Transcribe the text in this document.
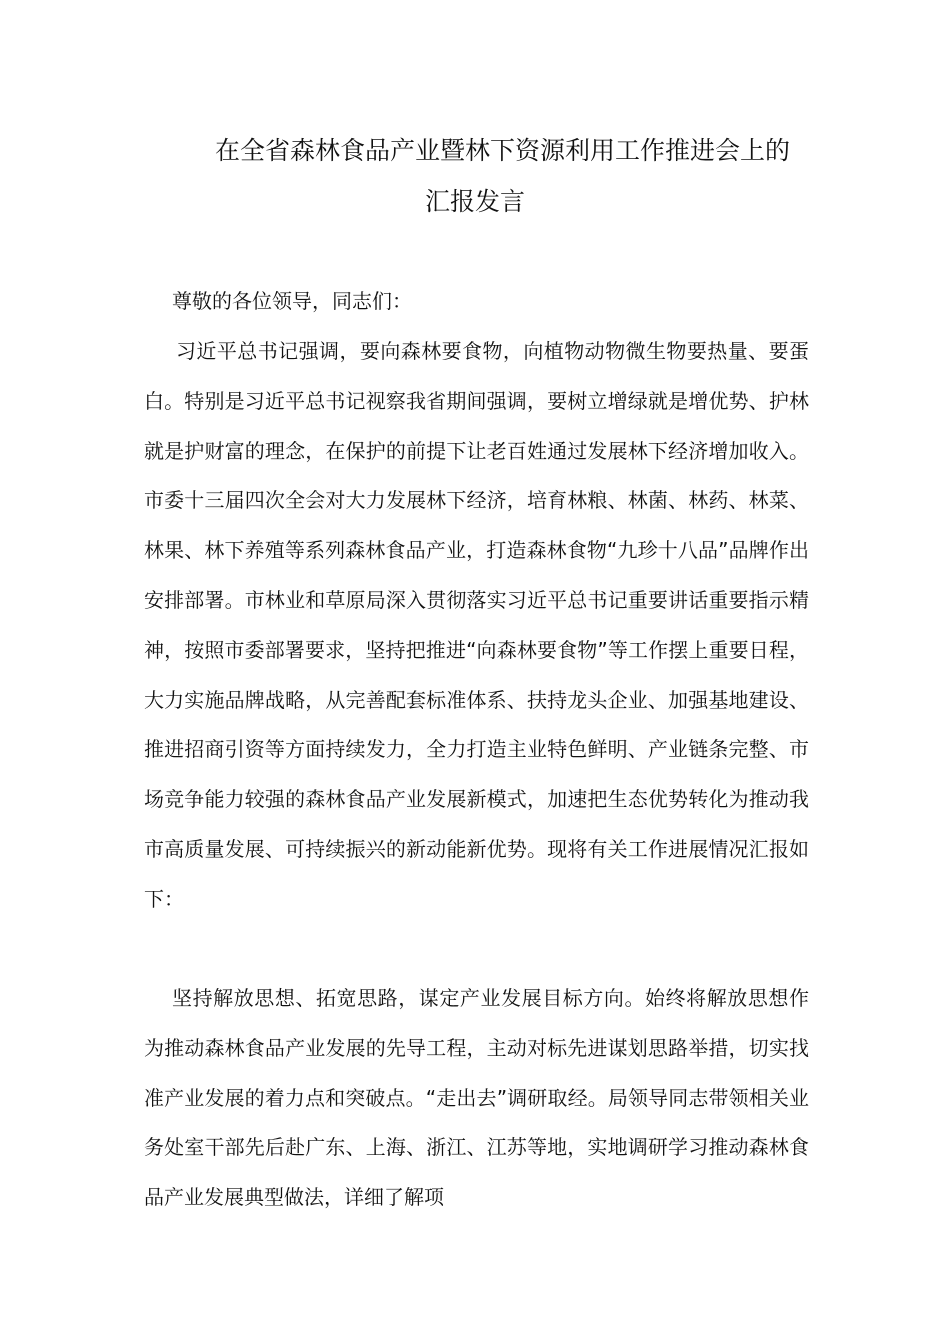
在全省森林食品产业暨林下资源利用工作推进会上的
汇报发言
尊敬的各位领导，同志们：

习近平总书记强调，要向森林要食物，向植物动物微生物要热量、要蛋白。特别是习近平总书记视察我省期间强调，要树立增绿就是增优势、护林就是护财富的理念，在保护的前提下让老百姓通过发展林下经济增加收入。市委十三届四次全会对大力发展林下经济，培育林粮、林菌、林药、林菜、林果、林下养殖等系列森林食品产业，打造森林食物“九珍十八品”品牌作出安排部署。市林业和草原局深入贯彻落实习近平总书记重要讲话重要指示精神，按照市委部署要求，坚持把推进“向森林要食物”等工作摆上重要日程，大力实施品牌战略，从完善配套标准体系、扶持龙头企业、加强基地建设、推进招商引资等方面持续发力，全力打造主业特色鲜明、产业链条完整、市场竞争能力较强的森林食品产业发展新模式，加速把生态优势转化为推动我市高质量发展、可持续振兴的新动能新优势。现将有关工作进展情况汇报如下：

坚持解放思想、拓宽思路，谋定产业发展目标方向。始终将解放思想作为推动森林食品产业发展的先导工程，主动对标先进谋划思路举措，切实找准产业发展的着力点和突破点。“走出去”调研取经。局领导同志带领相关业务处室干部先后赴广东、上海、浙江、江苏等地，实地调研学习推动森林食品产业发展典型做法，详细了解项
